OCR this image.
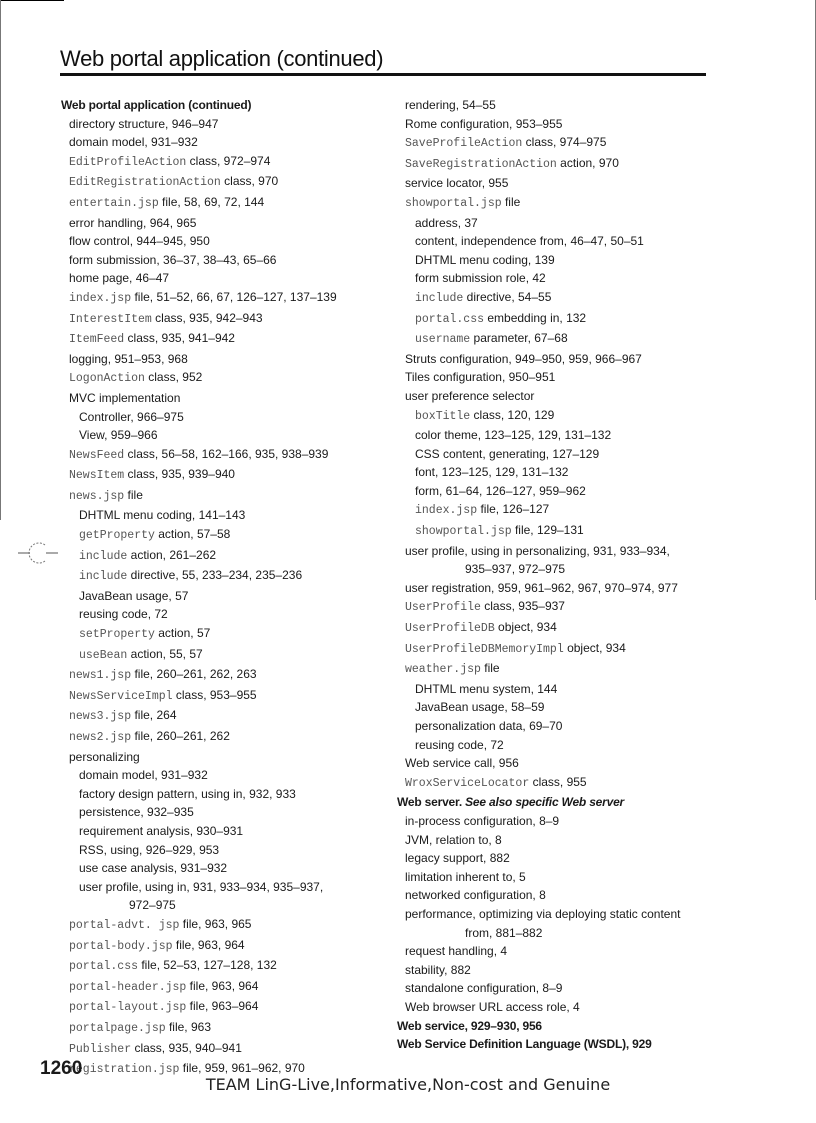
Web portal application (continued)
Web portal application (continued)
directory structure, 946–947
domain model, 931–932
EditProfileAction class, 972–974
EditRegistrationAction class, 970
entertain.jsp file, 58, 69, 72, 144
error handling, 964, 965
flow control, 944–945, 950
form submission, 36–37, 38–43, 65–66
home page, 46–47
index.jsp file, 51–52, 66, 67, 126–127, 137–139
InterestItem class, 935, 942–943
ItemFeed class, 935, 941–942
logging, 951–953, 968
LogonAction class, 952
MVC implementation
Controller, 966–975
View, 959–966
NewsFeed class, 56–58, 162–166, 935, 938–939
NewsItem class, 935, 939–940
news.jsp file
DHTML menu coding, 141–143
getProperty action, 57–58
include action, 261–262
include directive, 55, 233–234, 235–236
JavaBean usage, 57
reusing code, 72
setProperty action, 57
useBean action, 55, 57
news1.jsp file, 260–261, 262, 263
NewsServiceImpl class, 953–955
news3.jsp file, 264
news2.jsp file, 260–261, 262
personalizing
domain model, 931–932
factory design pattern, using in, 932, 933
persistence, 932–935
requirement analysis, 930–931
RSS, using, 926–929, 953
use case analysis, 931–932
user profile, using in, 931, 933–934, 935–937,
972–975
portal-advt. jsp file, 963, 965
portal-body.jsp file, 963, 964
portal.css file, 52–53, 127–128, 132
portal-header.jsp file, 963, 964
portal-layout.jsp file, 963–964
portalpage.jsp file, 963
Publisher class, 935, 940–941
registration.jsp file, 959, 961–962, 970
rendering, 54–55
Rome configuration, 953–955
SaveProfileAction class, 974–975
SaveRegistrationAction action, 970
service locator, 955
showportal.jsp file
address, 37
content, independence from, 46–47, 50–51
DHTML menu coding, 139
form submission role, 42
include directive, 54–55
portal.css embedding in, 132
username parameter, 67–68
Struts configuration, 949–950, 959, 966–967
Tiles configuration, 950–951
user preference selector
boxTitle class, 120, 129
color theme, 123–125, 129, 131–132
CSS content, generating, 127–129
font, 123–125, 129, 131–132
form, 61–64, 126–127, 959–962
index.jsp file, 126–127
showportal.jsp file, 129–131
user profile, using in personalizing, 931, 933–934,
935–937, 972–975
user registration, 959, 961–962, 967, 970–974, 977
UserProfile class, 935–937
UserProfileDB object, 934
UserProfileDBMemoryImpl object, 934
weather.jsp file
DHTML menu system, 144
JavaBean usage, 58–59
personalization data, 69–70
reusing code, 72
Web service call, 956
WroxServiceLocator class, 955
Web server. See also specific Web server
in-process configuration, 8–9
JVM, relation to, 8
legacy support, 882
limitation inherent to, 5
networked configuration, 8
performance, optimizing via deploying static content
from, 881–882
request handling, 4
stability, 882
standalone configuration, 8–9
Web browser URL access role, 4
Web service, 929–930, 956
Web Service Definition Language (WSDL), 929
1260
TEAM LinG-Live,Informative,Non-cost and Genuine
